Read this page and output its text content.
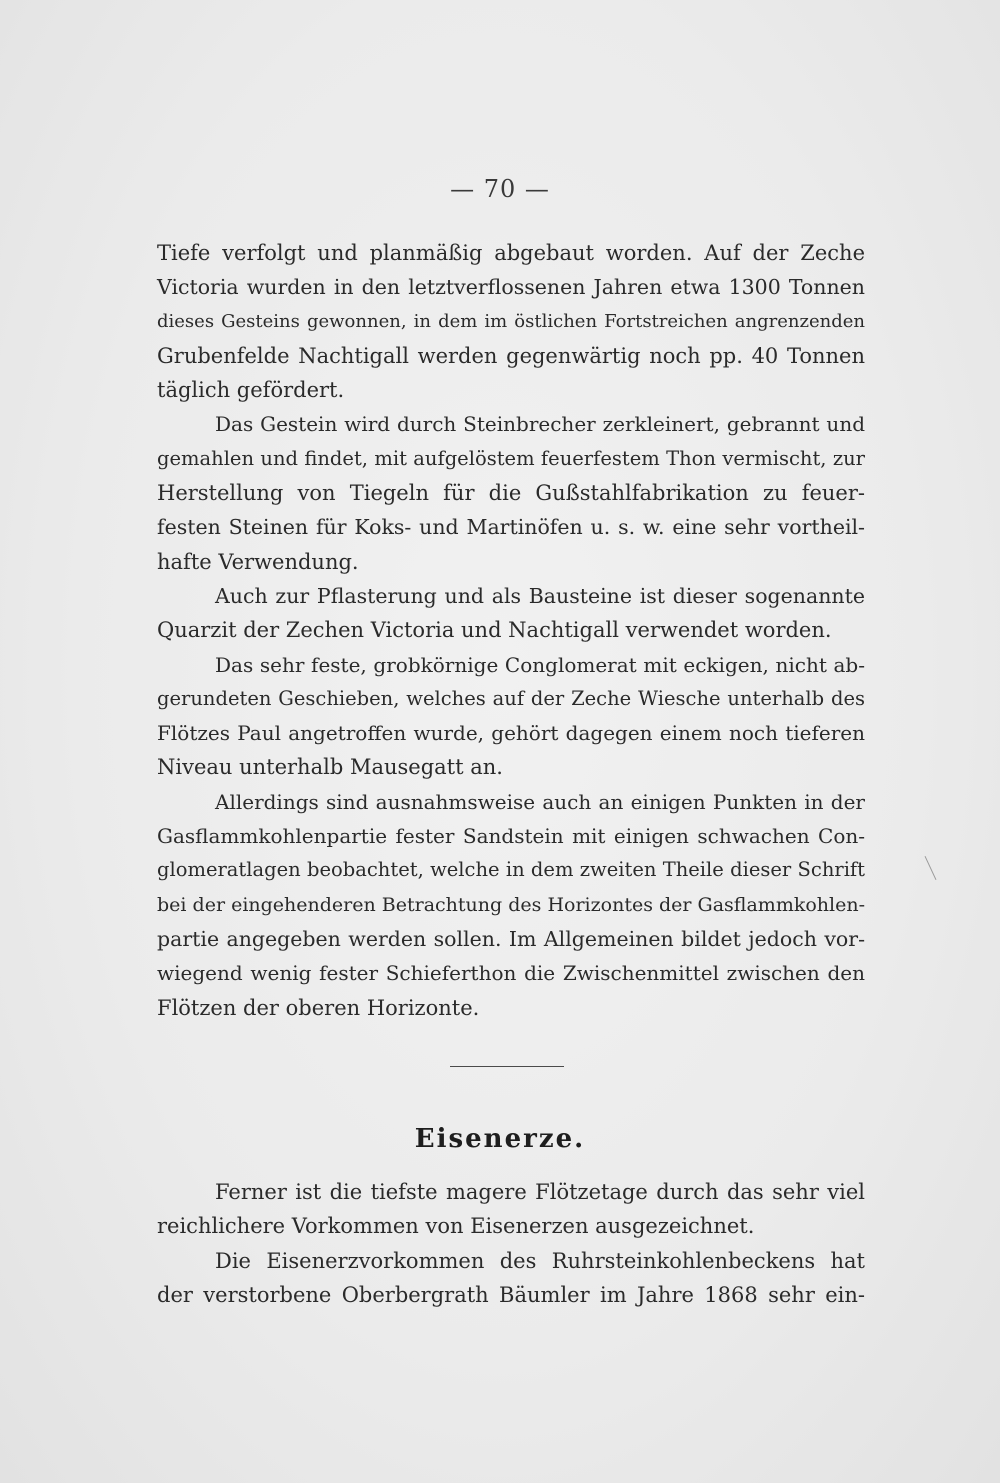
— 70 —
Tiefe verfolgt und planmäßig abgebaut worden. Auf der Zeche
Victoria wurden in den letztverflossenen Jahren etwa 1300 Tonnen
dieses Gesteins gewonnen, in dem im östlichen Fortstreichen angrenzenden
Grubenfelde Nachtigall werden gegenwärtig noch pp. 40 Tonnen
täglich gefördert.
Das Gestein wird durch Steinbrecher zerkleinert, gebrannt und
gemahlen und findet, mit aufgelöstem feuerfestem Thon vermischt, zur
Herstellung von Tiegeln für die Gußstahlfabrikation zu feuer-
festen Steinen für Koks- und Martinöfen u. s. w. eine sehr vortheil-
hafte Verwendung.
Auch zur Pflasterung und als Bausteine ist dieser sogenannte
Quarzit der Zechen Victoria und Nachtigall verwendet worden.
Das sehr feste, grobkörnige Conglomerat mit eckigen, nicht ab-
gerundeten Geschieben, welches auf der Zeche Wiesche unterhalb des
Flötzes Paul angetroffen wurde, gehört dagegen einem noch tieferen
Niveau unterhalb Mausegatt an.
Allerdings sind ausnahmsweise auch an einigen Punkten in der
Gasflammkohlenpartie fester Sandstein mit einigen schwachen Con-
glomeratlagen beobachtet, welche in dem zweiten Theile dieser Schrift
bei der eingehenderen Betrachtung des Horizontes der Gasflammkohlen-
partie angegeben werden sollen. Im Allgemeinen bildet jedoch vor-
wiegend wenig fester Schieferthon die Zwischenmittel zwischen den
Flötzen der oberen Horizonte.
Eisenerze.
Ferner ist die tiefste magere Flötzetage durch das sehr viel
reichlichere Vorkommen von Eisenerzen ausgezeichnet.
Die Eisenerzvorkommen des Ruhrsteinkohlenbeckens hat
der verstorbene Oberbergrath Bäumler im Jahre 1868 sehr ein-
